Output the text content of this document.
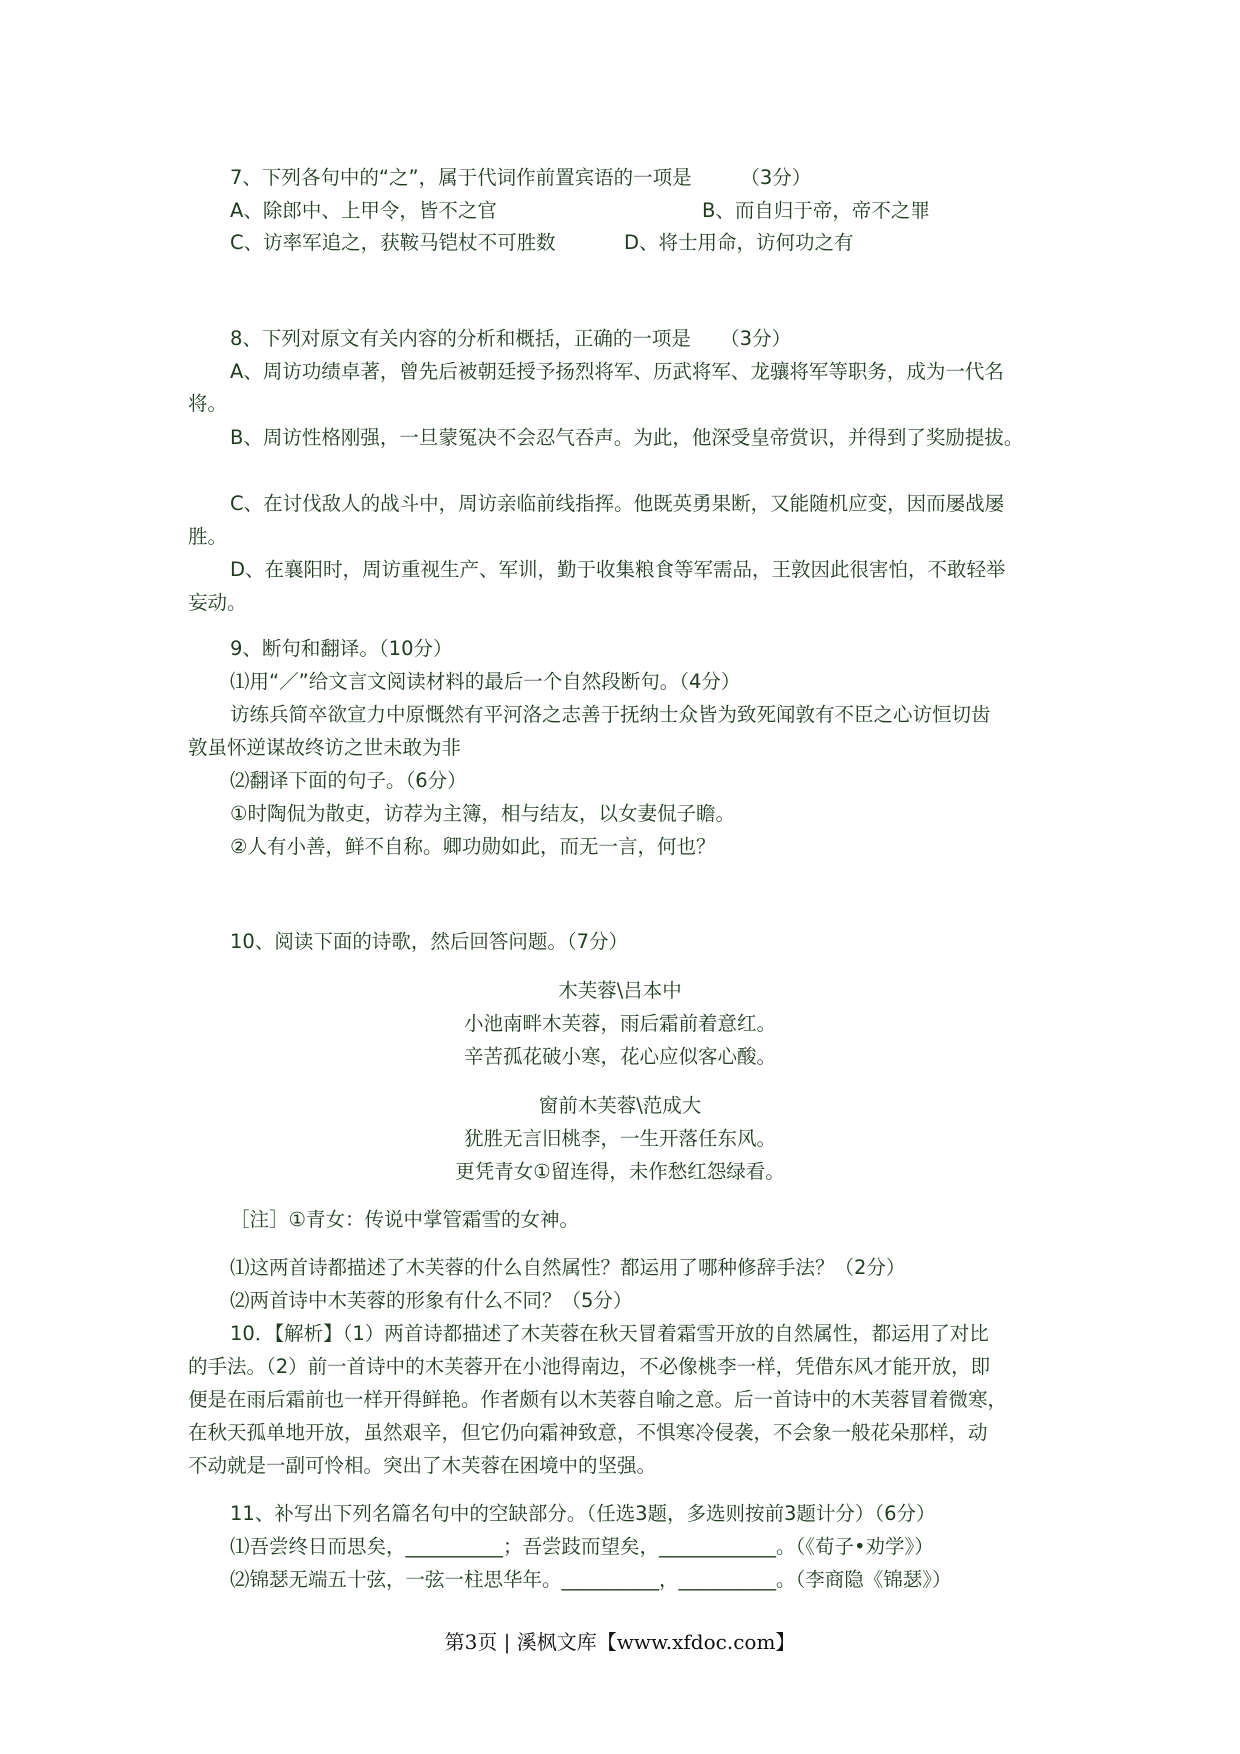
7、下列各句中的“之”，属于代词作前置宾语的一项是　　　（3分）
A、除郎中、上甲令，皆不之官	B、而自归于帝，帝不之罪
C、访率军追之，获鞍马铠杖不可胜数	D、将士用命，访何功之有
8、下列对原文有关内容的分析和概括，正确的一项是　　（3分）
A、周访功绩卓著，曾先后被朝廷授予扬烈将军、历武将军、龙骧将军等职务，成为一代名
将。
B、周访性格刚强，一旦蒙冤决不会忍气吞声。为此，他深受皇帝赏识，并得到了奖励提拔。
C、在讨伐敌人的战斗中，周访亲临前线指挥。他既英勇果断，又能随机应变，因而屡战屡
胜。
D、在襄阳时，周访重视生产、军训，勤于收集粮食等军需品，王敦因此很害怕，不敢轻举
妄动。
9、断句和翻译。（10分）
⑴用“／”给文言文阅读材料的最后一个自然段断句。（4分）
访练兵简卒欲宣力中原慨然有平河洛之志善于抚纳士众皆为致死闻敦有不臣之心访恒切齿
敦虽怀逆谋故终访之世未敢为非
⑵翻译下面的句子。（6分）
①时陶侃为散吏，访荐为主簿，相与结友，以女妻侃子瞻。
②人有小善，鲜不自称。卿功勋如此，而无一言，何也？
10、阅读下面的诗歌，然后回答问题。（7分）
木芙蓉\吕本中
小池南畔木芙蓉，雨后霜前着意红。
辛苦孤花破小寒，花心应似客心酸。
窗前木芙蓉\范成大
犹胜无言旧桃李，一生开落任东风。
更凭青女①留连得，未作愁红怨绿看。
［注］①青女：传说中掌管霜雪的女神。
⑴这两首诗都描述了木芙蓉的什么自然属性？都运用了哪种修辞手法？（2分）
⑵两首诗中木芙蓉的形象有什么不同？（5分）
10．【解析】（1）两首诗都描述了木芙蓉在秋天冒着霜雪开放的自然属性，都运用了对比
的手法。（2）前一首诗中的木芙蓉开在小池得南边，不必像桃李一样，凭借东风才能开放，即
便是在雨后霜前也一样开得鲜艳。作者颇有以木芙蓉自喻之意。后一首诗中的木芙蓉冒着微寒，
在秋天孤单地开放，虽然艰辛，但它仍向霜神致意，不惧寒冷侵袭，不会象一般花朵那样，动
不动就是一副可怜相。突出了木芙蓉在困境中的坚强。
11、补写出下列名篇名句中的空缺部分。（任选3题，多选则按前3题计分）（6分）
⑴吾尝终日而思矣，__________；吾尝跂而望矣，____________。（《荀子•劝学》）
⑵锦瑟无端五十弦，一弦一柱思华年。__________，__________。（李商隐《锦瑟》）
第3页 | 溪枫文库【www.xfdoc.com】
